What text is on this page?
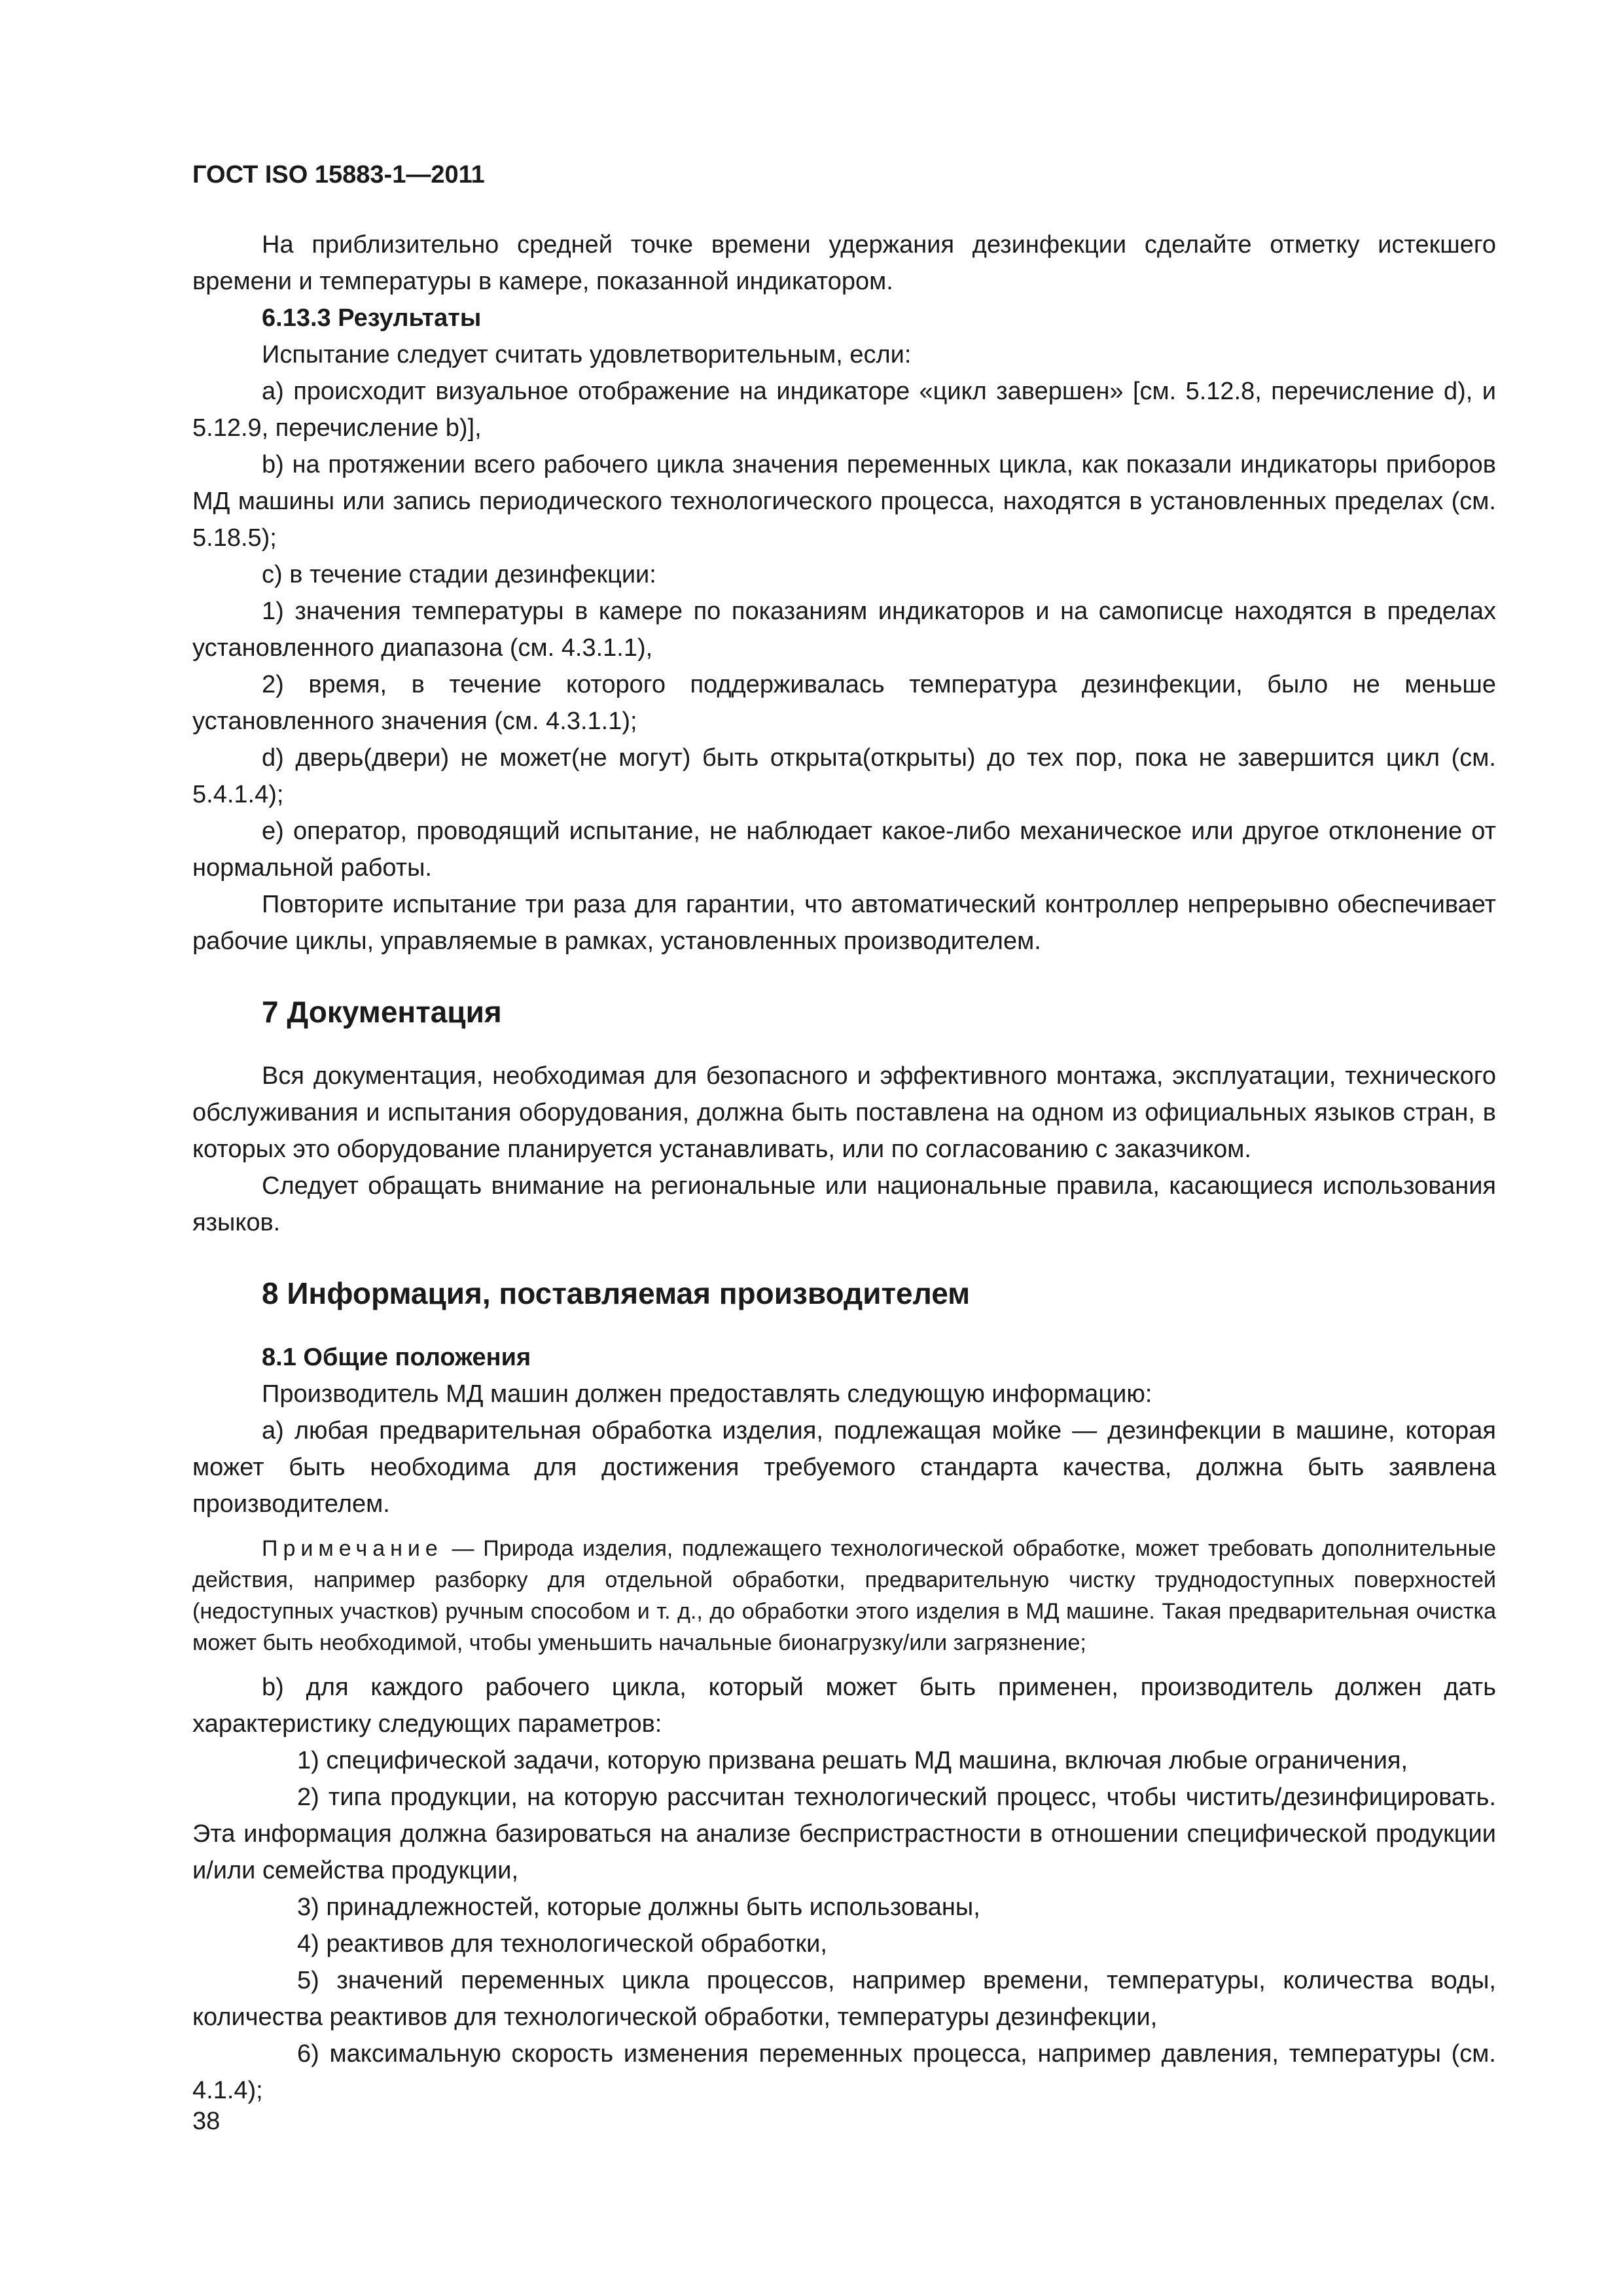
ГОСТ ISO 15883-1—2011

На приблизительно средней точке времени удержания дезинфекции сделайте отметку истекшего времени и температуры в камере, показанной индикатором.

6.13.3 Результаты

Испытание следует считать удовлетворительным, если:

а) происходит визуальное отображение на индикаторе «цикл завершен» [см. 5.12.8, перечисление d), и 5.12.9, перечисление b)],

b) на протяжении всего рабочего цикла значения переменных цикла, как показали индикаторы приборов МД машины или запись периодического технологического процесса, находятся в установленных пределах (см. 5.18.5);

с) в течение стадии дезинфекции:

1) значения температуры в камере по показаниям индикаторов и на самописце находятся в пределах установленного диапазона (см. 4.3.1.1),

2) время, в течение которого поддерживалась температура дезинфекции, было не меньше установленного значения (см. 4.3.1.1);

d) дверь(двери) не может(не могут) быть открыта(открыты) до тех пор, пока не завершится цикл (см. 5.4.1.4);

е) оператор, проводящий испытание, не наблюдает какое-либо механическое или другое отклонение от нормальной работы.

Повторите испытание три раза для гарантии, что автоматический контроллер непрерывно обеспечивает рабочие циклы, управляемые в рамках, установленных производителем.

7 Документация

Вся документация, необходимая для безопасного и эффективного монтажа, эксплуатации, технического обслуживания и испытания оборудования, должна быть поставлена на одном из официальных языков стран, в которых это оборудование планируется устанавливать, или по согласованию с заказчиком.

Следует обращать внимание на региональные или национальные правила, касающиеся использования языков.

8 Информация, поставляемая производителем

8.1 Общие положения

Производитель МД машин должен предоставлять следующую информацию:

а) любая предварительная обработка изделия, подлежащая мойке — дезинфекции в машине, которая может быть необходима для достижения требуемого стандарта качества, должна быть заявлена производителем.

Примечание — Природа изделия, подлежащего технологической обработке, может требовать дополнительные действия, например разборку для отдельной обработки, предварительную чистку труднодоступных поверхностей (недоступных участков) ручным способом и т. д., до обработки этого изделия в МД машине. Такая предварительная очистка может быть необходимой, чтобы уменьшить начальные бионагрузку/или загрязнение;

b) для каждого рабочего цикла, который может быть применен, производитель должен дать характеристику следующих параметров:

1) специфической задачи, которую призвана решать МД машина, включая любые ограничения,

2) типа продукции, на которую рассчитан технологический процесс, чтобы чистить/дезинфицировать. Эта информация должна базироваться на анализе беспристрастности в отношении специфической продукции и/или семейства продукции,

3) принадлежностей, которые должны быть использованы,

4) реактивов для технологической обработки,

5) значений переменных цикла процессов, например времени, температуры, количества воды, количества реактивов для технологической обработки, температуры дезинфекции,

6) максимальную скорость изменения переменных процесса, например давления, температуры (см. 4.1.4);

38
